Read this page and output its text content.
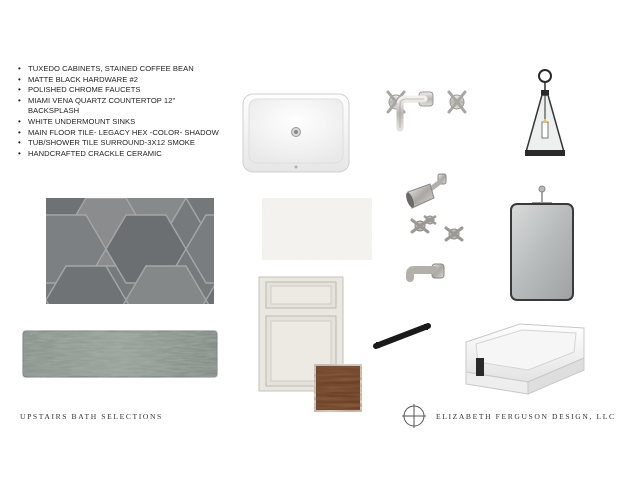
• TUXEDO CABINETS, STAINED COFFEE BEAN
• MATTE BLACK HARDWARE #2
• POLISHED CHROME FAUCETS
• MIAMI VENA QUARTZ COUNTERTOP 12"
BACKSPLASH
• WHITE UNDERMOUNT SINKS
• MAIN FLOOR TILE- LEGACY HEX -COLOR- SHADOW
• TUB/SHOWER TILE SURROUND-3X12 SMOKE
• HANDCRAFTED CRACKLE CERAMIC
UPSTAIRS BATH SELECTIONS	ELIZABETH FERGUSON DESIGN, LLC
